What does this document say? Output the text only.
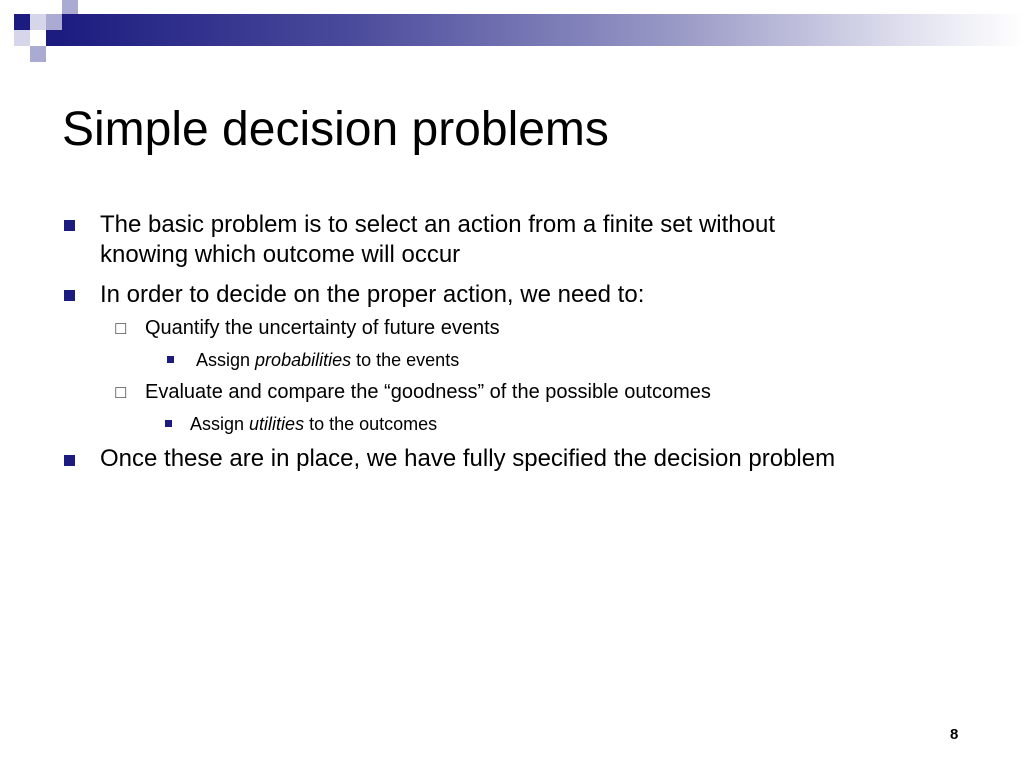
Simple decision problems
The basic problem is to select an action from a finite set without
knowing which outcome will occur
In order to decide on the proper action, we need to:
☐ Quantify the uncertainty of future events
Assign probabilities to the events
☐ Evaluate and compare the “goodness” of the possible outcomes
Assign utilities to the outcomes
Once these are in place, we have fully specified the decision problem
8
